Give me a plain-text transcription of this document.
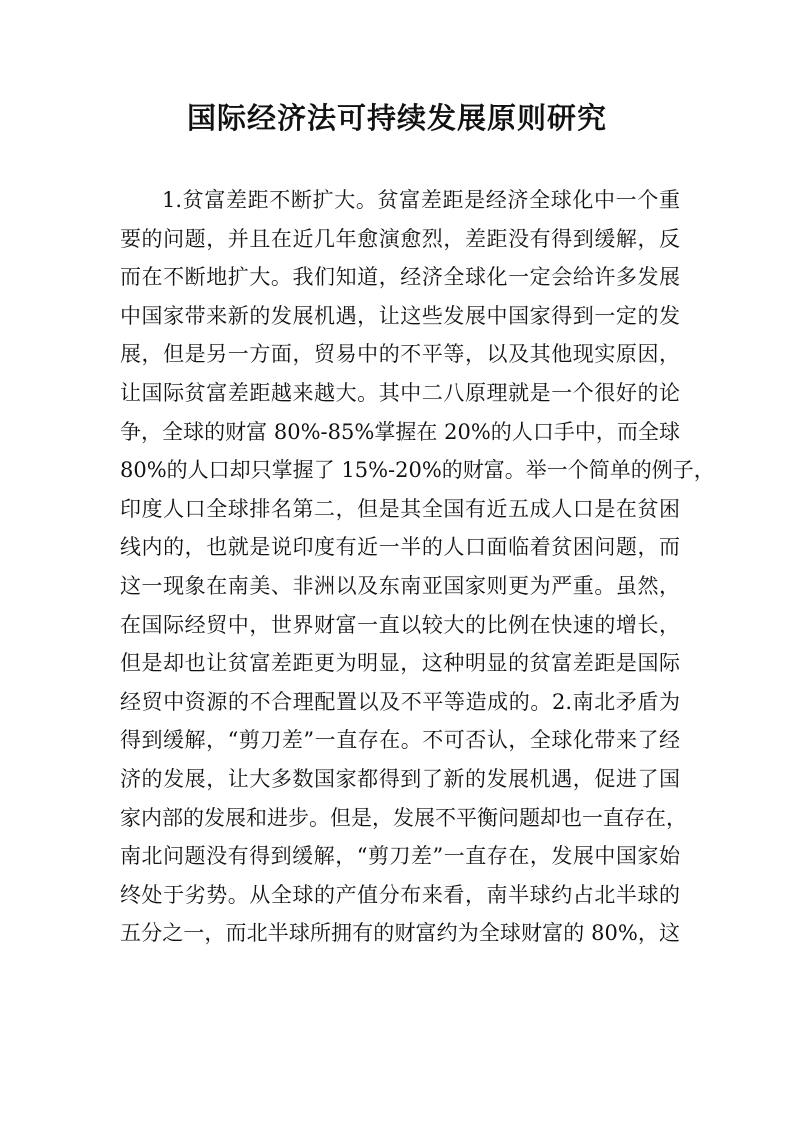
国际经济法可持续发展原则研究
1.贫富差距不断扩大。贫富差距是经济全球化中一个重
要的问题，并且在近几年愈演愈烈，差距没有得到缓解，反
而在不断地扩大。我们知道，经济全球化一定会给许多发展
中国家带来新的发展机遇，让这些发展中国家得到一定的发
展，但是另一方面，贸易中的不平等，以及其他现实原因，
让国际贫富差距越来越大。其中二八原理就是一个很好的论
争，全球的财富 80%-85%掌握在 20%的人口手中，而全球
80%的人口却只掌握了 15%-20%的财富。举一个简单的例子，
印度人口全球排名第二，但是其全国有近五成人口是在贫困
线内的，也就是说印度有近一半的人口面临着贫困问题，而
这一现象在南美、非洲以及东南亚国家则更为严重。虽然，
在国际经贸中，世界财富一直以较大的比例在快速的增长，
但是却也让贫富差距更为明显，这种明显的贫富差距是国际
经贸中资源的不合理配置以及不平等造成的。2.南北矛盾为
得到缓解，“剪刀差”一直存在。不可否认，全球化带来了经
济的发展，让大多数国家都得到了新的发展机遇，促进了国
家内部的发展和进步。但是，发展不平衡问题却也一直存在，
南北问题没有得到缓解，“剪刀差”一直存在，发展中国家始
终处于劣势。从全球的产值分布来看，南半球约占北半球的
五分之一，而北半球所拥有的财富约为全球财富的 80%，这
